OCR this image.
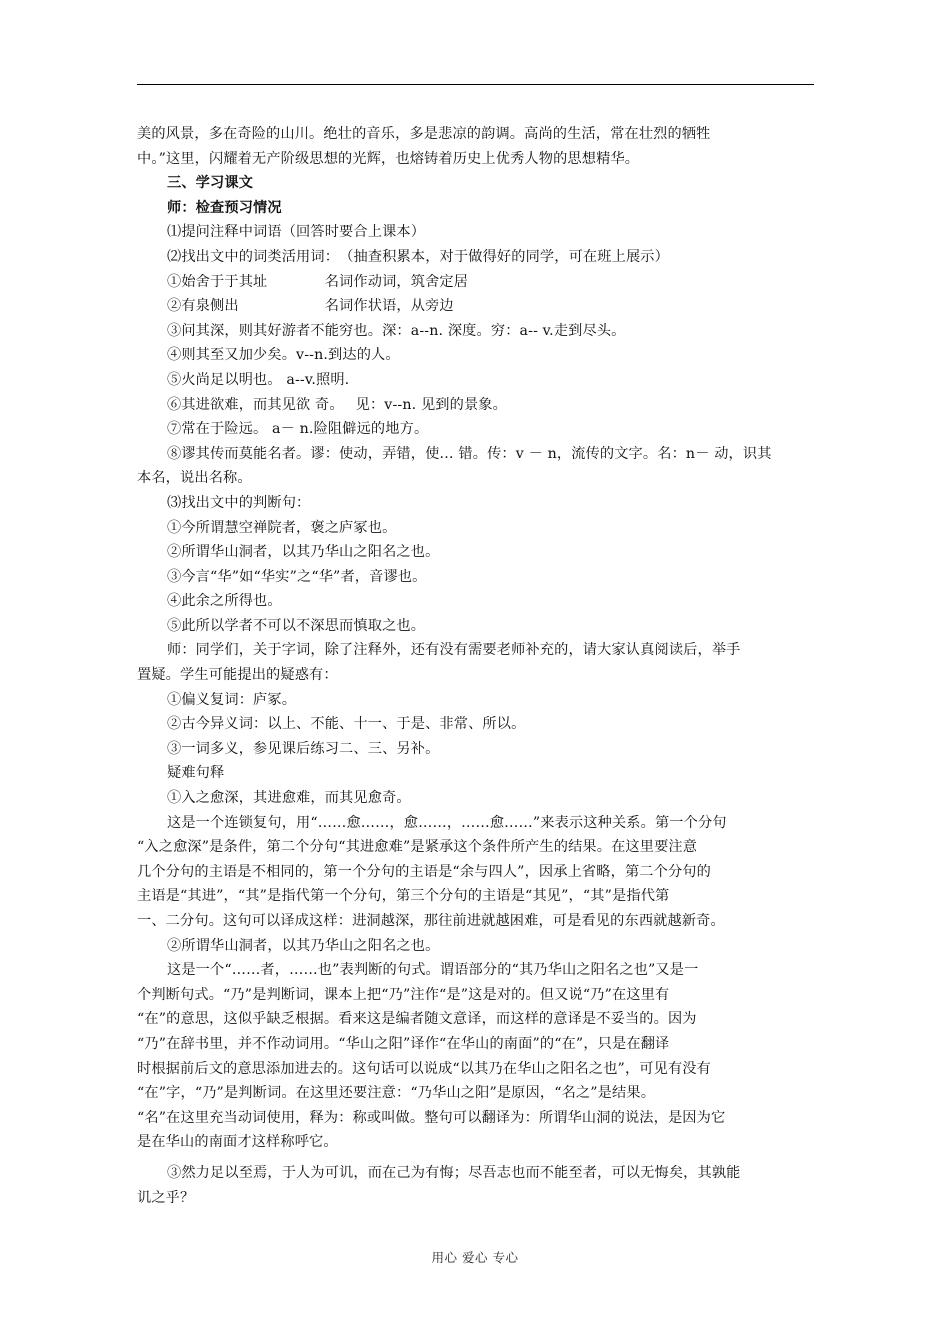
美的风景，多在奇险的山川。绝壮的音乐，多是悲凉的韵调。高尚的生活，常在壮烈的牺牲
中。”这里，闪耀着无产阶级思想的光辉，也熔铸着历史上优秀人物的思想精华。
三、学习课文
师：检查预习情况
⑴提问注释中词语（回答时要合上课本）
⑵找出文中的词类活用词：　（抽查积累本，对于做得好的同学，可在班上展示）
①始舍于于其址　　　　名词作动词，筑舍定居
②有泉侧出　　　　　　名词作状语，从旁边
③问其深，则其好游者不能穷也。深：a--n. 深度。穷：a-- v.走到尽头。
④则其至又加少矣。v--n.到达的人。
⑤火尚足以明也。 a--v.照明.
⑥其进欲难，而其见欲 奇。　 见：v--n. 见到的景象。
⑦常在于险远。 a－ n.险阻僻远的地方。
⑧谬其传而莫能名者。谬：使动，弄错，使… 错。传：v － n，流传的文字。名：n－ 动，识其
本名，说出名称。
⑶找出文中的判断句：
①今所谓慧空禅院者，褒之庐冢也。
②所谓华山洞者，以其乃华山之阳名之也。
③今言“华”如“华实”之“华”者，音谬也。
④此余之所得也。
⑤此所以学者不可以不深思而慎取之也。
师：同学们，关于字词，除了注释外，还有没有需要老师补充的，请大家认真阅读后，举手
置疑。学生可能提出的疑惑有：
①偏义复词：庐冢。
②古今异义词：以上、不能、十一、于是、非常、所以。
③一词多义，参见课后练习二、三、另补。
疑难句释
①入之愈深，其进愈难，而其见愈奇。
这是一个连锁复句，用“……愈……，愈……，……愈……”来表示这种关系。第一个分句
“入之愈深”是条件，第二个分句“其进愈难”是紧承这个条件所产生的结果。在这里要注意
几个分句的主语是不相同的，第一个分句的主语是“余与四人”，因承上省略，第二个分句的
主语是“其进”，“其”是指代第一个分句，第三个分句的主语是“其见”，“其”是指代第
一、二分句。这句可以译成这样：进洞越深，那往前进就越困难，可是看见的东西就越新奇。
②所谓华山洞者，以其乃华山之阳名之也。
这是一个“……者，……也”表判断的句式。谓语部分的“其乃华山之阳名之也”又是一
个判断句式。“乃”是判断词，课本上把“乃”注作“是”这是对的。但又说“乃”在这里有
“在”的意思，这似乎缺乏根据。看来这是编者随文意译，而这样的意译是不妥当的。因为
“乃”在辞书里，并不作动词用。“华山之阳”译作“在华山的南面”的“在”，只是在翻译
时根据前后文的意思添加进去的。这句话可以说成“以其乃在华山之阳名之也”，可见有没有
“在”字，“乃”是判断词。在这里还要注意：“乃华山之阳”是原因，“名之”是结果。
“名”在这里充当动词使用，释为：称或叫做。整句可以翻译为：所谓华山洞的说法，是因为它
是在华山的南面才这样称呼它。
③然力足以至焉，于人为可讥，而在己为有悔；尽吾志也而不能至者，可以无悔矣，其孰能
讥之乎？
用心 爱心 专心
